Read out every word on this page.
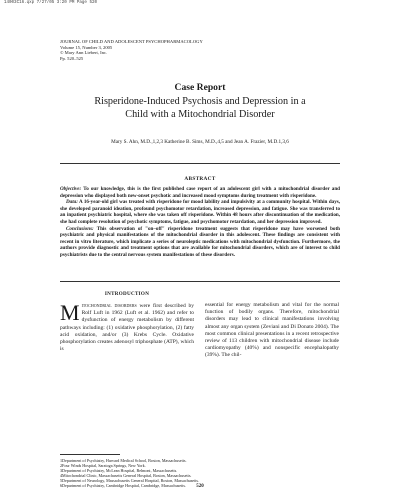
14003C16.qxp 7/27/05 3:20 PM Page 520
JOURNAL OF CHILD AND ADOLESCENT PSYCHOPHARMACOLOGY
Volume 15, Number 3, 2005
© Mary Ann Liebert, Inc.
Pp. 520–525
Case Report
Risperidone-Induced Psychosis and Depression in a
Child with a Mitochondrial Disorder
Mary S. Ahn, M.D.,1,2,3 Katherine B. Sims, M.D.,4,5 and Jean A. Frazier, M.D.1,3,6
ABSTRACT

Objective: To our knowledge, this is the first published case report of an adolescent girl with a mitochondrial disorder and depression who displayed both new-onset psychotic and increased mood symptoms during treatment with risperidone.

Data: A 16-year-old girl was treated with risperidone for mood lability and impulsivity at a community hospital. Within days, she developed paranoid ideation, profound psychomotor retardation, increased depression, and fatigue. She was transferred to an inpatient psychiatric hospital, where she was taken off risperidone. Within 48 hours after discontinuation of the medication, she had complete resolution of psychotic symptoms, fatigue, and psychomotor retardation, and her depression improved.

Conclusions: This observation of "on–off" risperidone treatment suggests that risperidone may have worsened both psychiatric and physical manifestations of the mitochondrial disorder in this adolescent. These findings are consistent with recent in vitro literature, which implicate a series of neuroleptic medications with mitochondrial dysfunction. Furthermore, the authors provide diagnostic and treatment options that are available for mitochondrial disorders, which are of interest to child psychiatrists due to the central nervous system manifestations of these disorders.

INTRODUCTION

Mitochondrial disorders were first described by Rolf Luft in 1962 (Luft et al. 1962) and refer to dysfunction of energy metabolism by different pathways including: (1) oxidative phosphorylation, (2) fatty acid oxidation, and/or (3) Krebs Cycle. Oxidative phosphorylation creates adenosyl triphosphate (ATP), which is

essential for energy metabolism and vital for the normal function of bodily organs. Therefore, mitochondrial disorders may lead to clinical manifestations involving almost any organ system (Zeviani and Di Donato 2004). The most common clinical presentations in a recent retrospective review of 113 children with mitochondrial disease include cardiomyopathy (40%) and nonspecific encephalopathy (39%). The chil-

1Department of Psychiatry, Harvard Medical School, Boston, Massachusetts.
2Four Winds Hospital, Saratoga Springs, New York.
3Department of Psychiatry, McLean Hospital, Belmont, Massachusetts.
4Mitochondrial Clinic, Massachusetts General Hospital, Boston, Massachusetts.
5Department of Neurology, Massachusetts General Hospital, Boston, Massachusetts.
6Department of Psychiatry, Cambridge Hospital, Cambridge, Massachusetts.	520
